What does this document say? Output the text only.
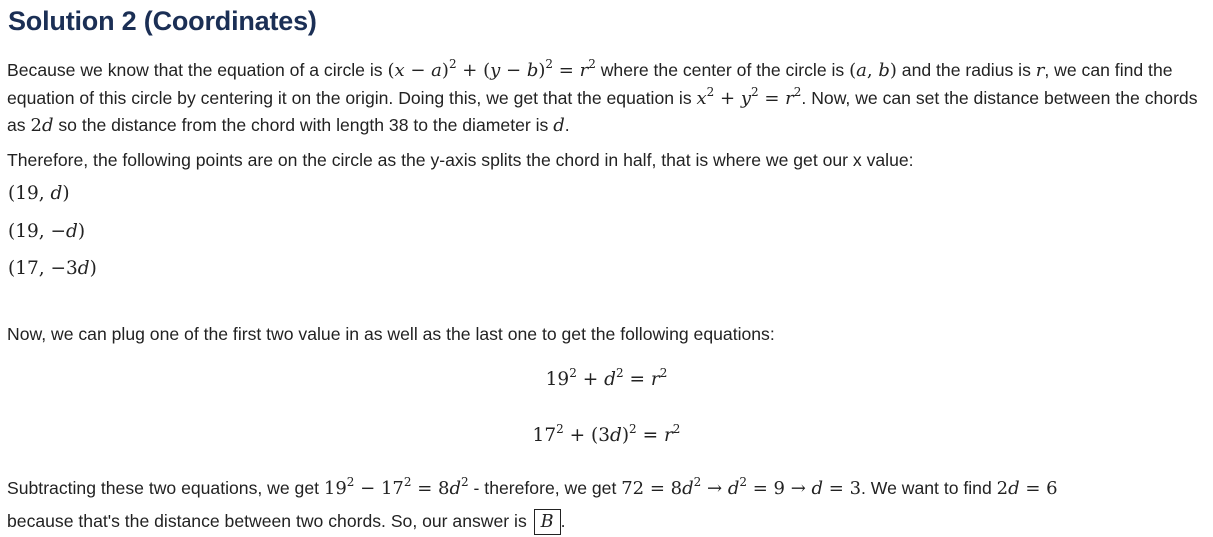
Solution 2 (Coordinates)

Because we know that the equation of a circle is $(x - a)^2 + (y - b)^2 = r^2$ where the center of the circle is (a, b) and the radius is r, we can find the equation of this circle by centering it on the origin. Doing this, we get that the equation is $x^2 + y^2 = r^2$. Now, we can set the distance between the chords as 2d so the distance from the chord with length 38 to the diameter is d.

Therefore, the following points are on the circle as the y-axis splits the chord in half, that is where we get our x value:

(19, d)
(19, −d)
(17, −3d)

Now, we can plug one of the first two value in as well as the last one to get the following equations:

$19^2 + d^2 = r^2$
$17^2 + (3d)^2 = r^2$

Subtracting these two equations, we get $19^2 - 17^2 = 8d^2$ - therefore, we get $72 = 8d^2 \to d^2 = 9 \to d = 3$. We want to find 2d = 6
because that's the distance between two chords. So, our answer is B .
